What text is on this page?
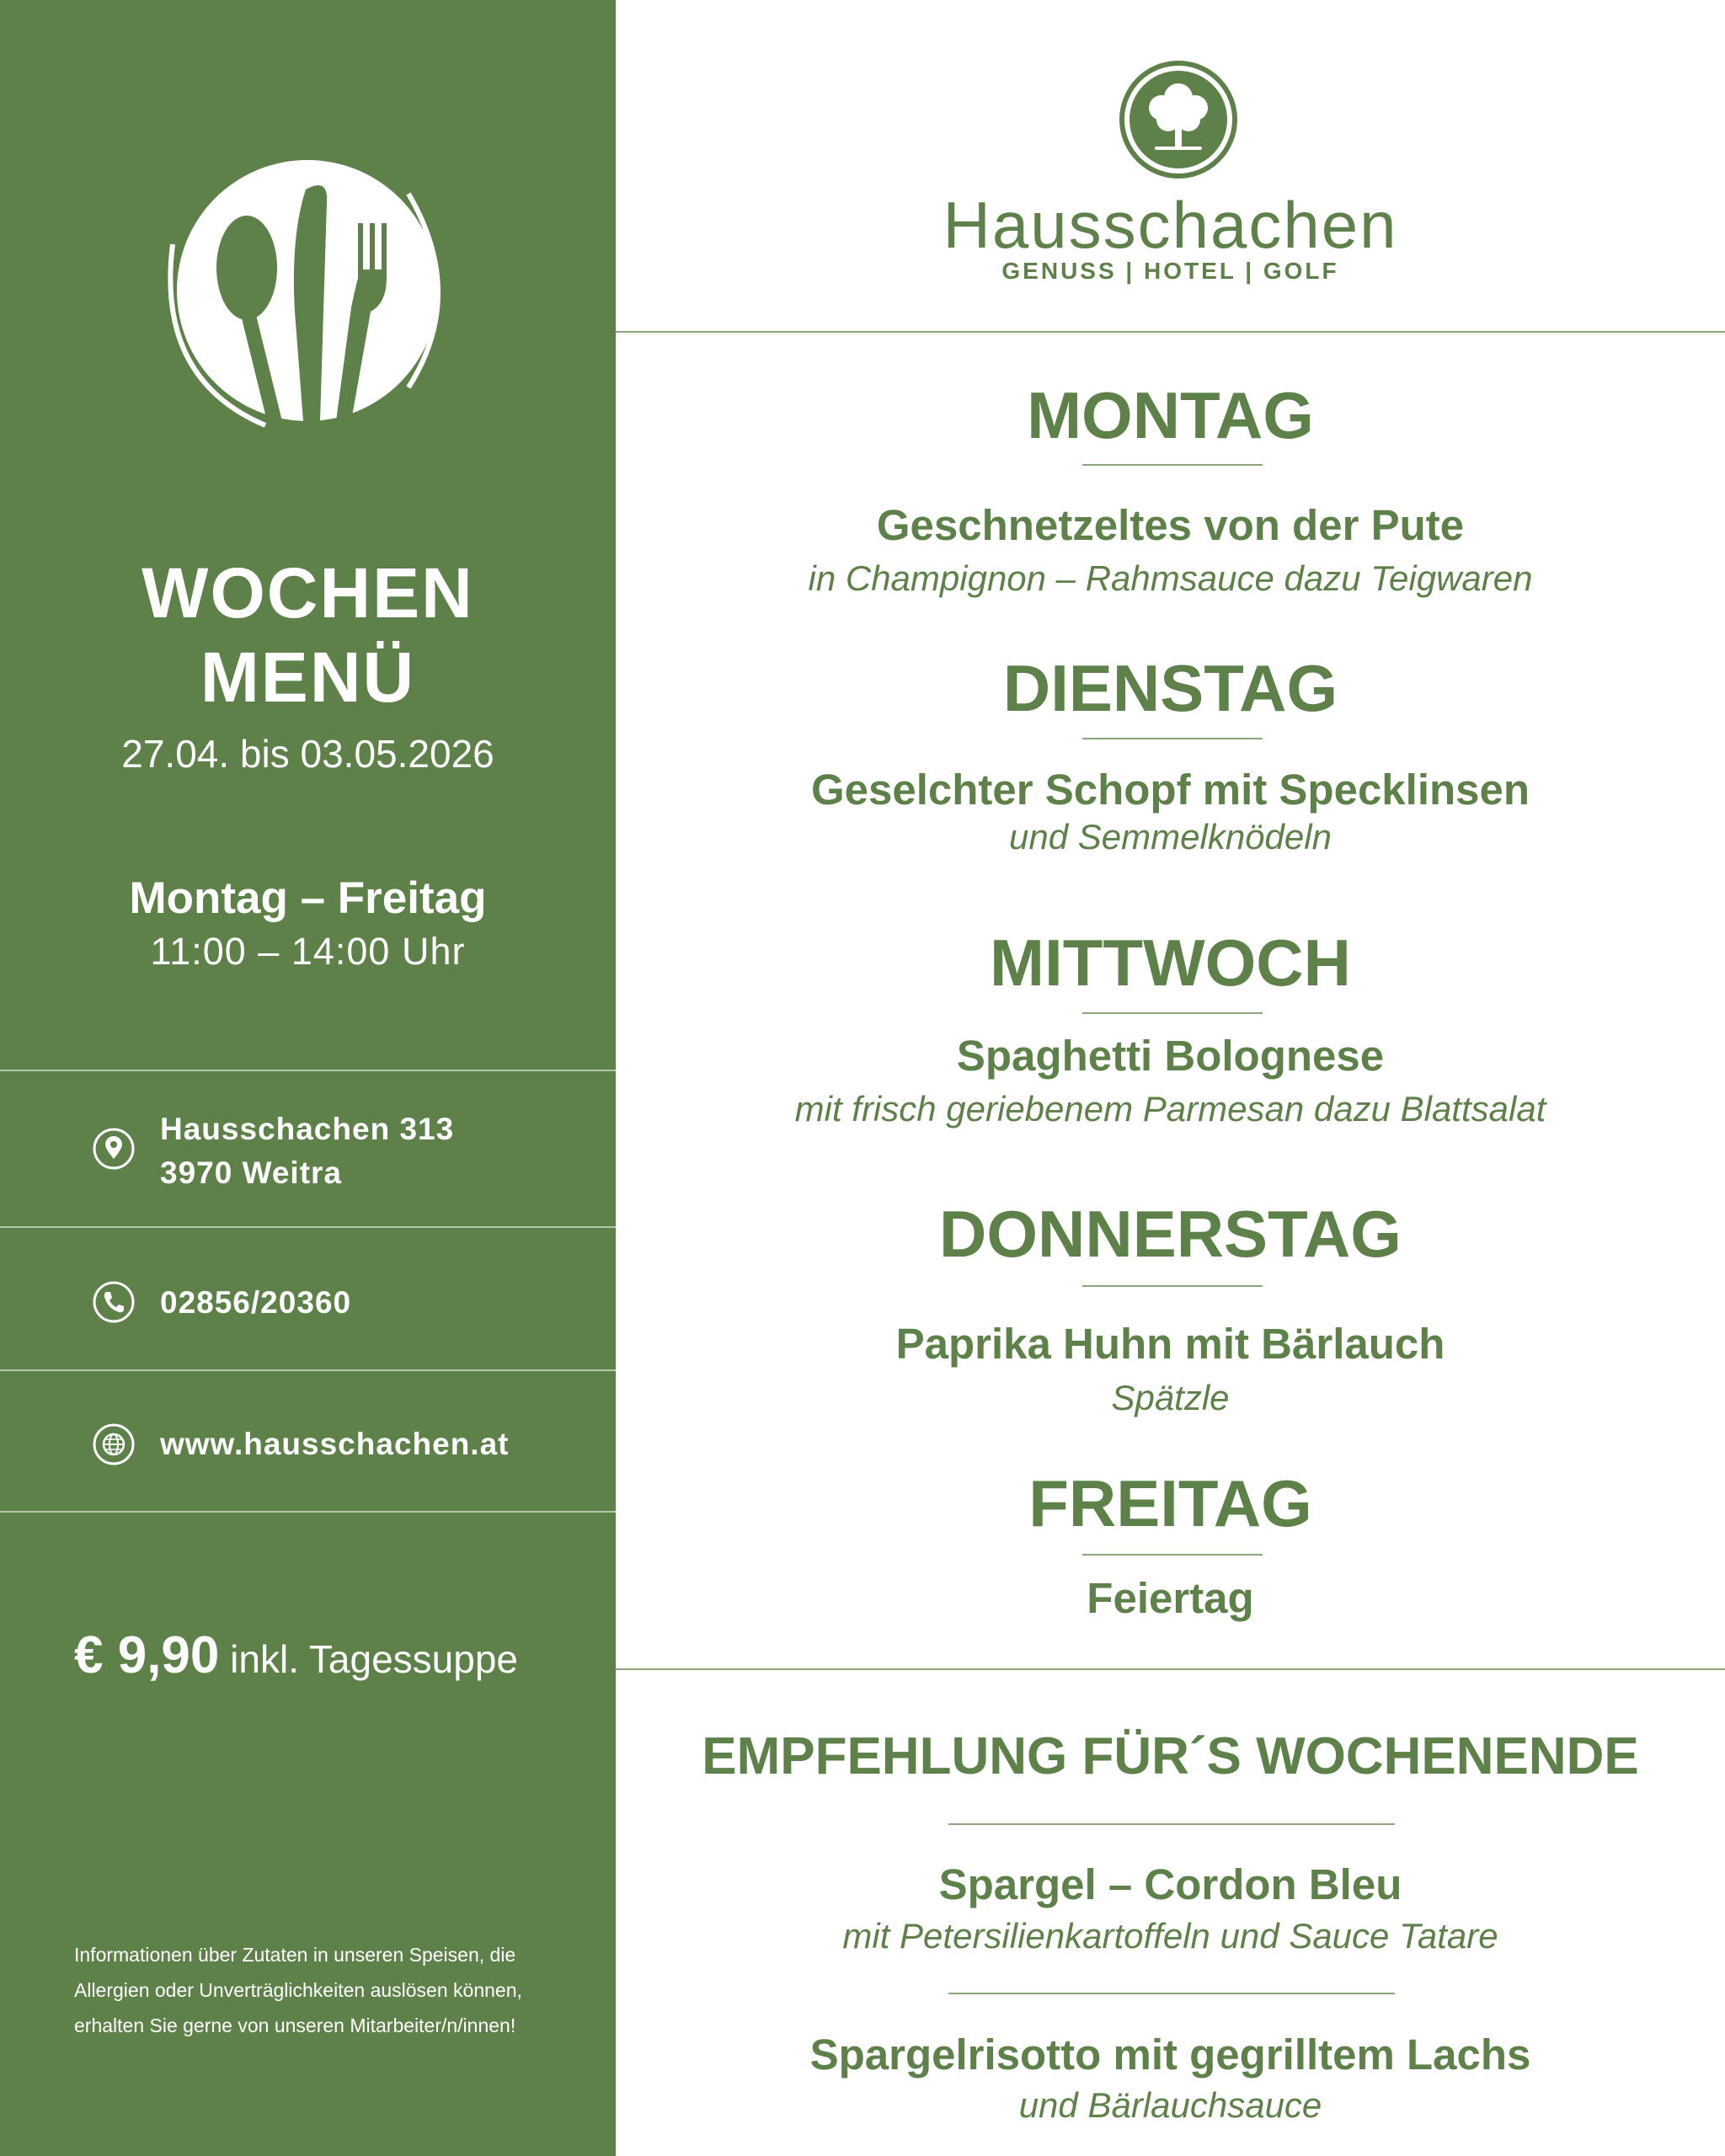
WOCHEN
MENÜ
27.04. bis 03.05.2026
Montag – Freitag
11:00 – 14:00 Uhr
Hausschachen 313
3970 Weitra
02856/20360
www.hausschachen.at
€ 9,90 inkl. Tagessuppe
Informationen über Zutaten in unseren Speisen, die Allergien oder Unverträglichkeiten auslösen können, erhalten Sie gerne von unseren Mitarbeiter/n/innen!
Hausschachen
GENUSS | HOTEL | GOLF
MONTAG
Geschnetzeltes von der Pute
in Champignon – Rahmsauce dazu Teigwaren
DIENSTAG
Geselchter Schopf mit Specklinsen
und Semmelknödeln
MITTWOCH
Spaghetti Bolognese
mit frisch geriebenem Parmesan dazu Blattsalat
DONNERSTAG
Paprika Huhn mit Bärlauch
Spätzle
FREITAG
Feiertag
EMPFEHLUNG FÜR´S WOCHENENDE
Spargel – Cordon Bleu
mit Petersilienkartoffeln und Sauce Tatare
Spargelrisotto mit gegrilltem Lachs
und Bärlauchsauce
